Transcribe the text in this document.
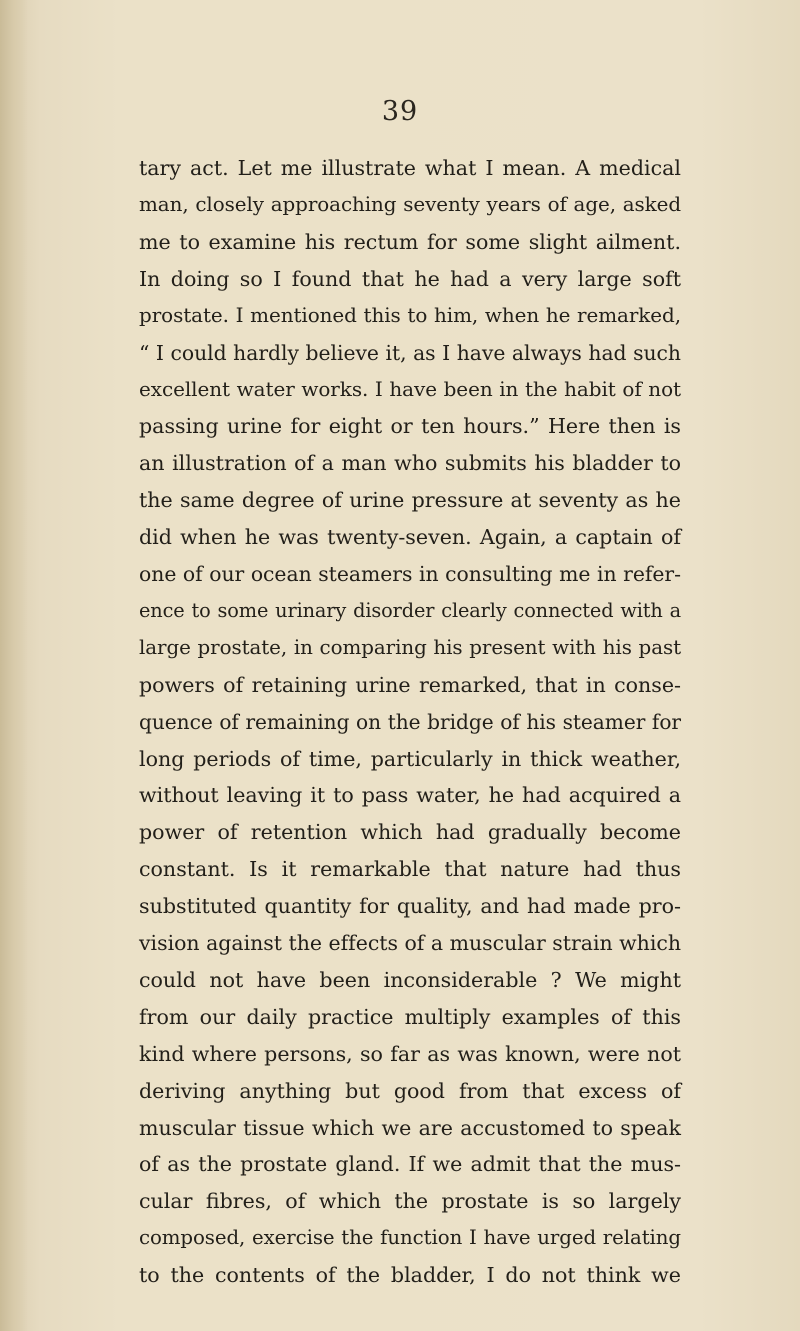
39
tary act. Let me illustrate what I mean. A medical
man, closely approaching seventy years of age, asked
me to examine his rectum for some slight ailment.
In doing so I found that he had a very large soft
prostate. I mentioned this to him, when he remarked,
“ I could hardly believe it, as I have always had such
excellent water works. I have been in the habit of not
passing urine for eight or ten hours.” Here then is
an illustration of a man who submits his bladder to
the same degree of urine pressure at seventy as he
did when he was twenty-seven. Again, a captain of
one of our ocean steamers in consulting me in refer-
ence to some urinary disorder clearly connected with a
large prostate, in comparing his present with his past
powers of retaining urine remarked, that in conse-
quence of remaining on the bridge of his steamer for
long periods of time, particularly in thick weather,
without leaving it to pass water, he had acquired a
power of retention which had gradually become
constant. Is it remarkable that nature had thus
substituted quantity for quality, and had made pro-
vision against the effects of a muscular strain which
could not have been inconsiderable ? We might
from our daily practice multiply examples of this
kind where persons, so far as was known, were not
deriving anything but good from that excess of
muscular tissue which we are accustomed to speak
of as the prostate gland. If we admit that the mus-
cular fibres, of which the prostate is so largely
composed, exercise the function I have urged relating
to the contents of the bladder, I do not think we
